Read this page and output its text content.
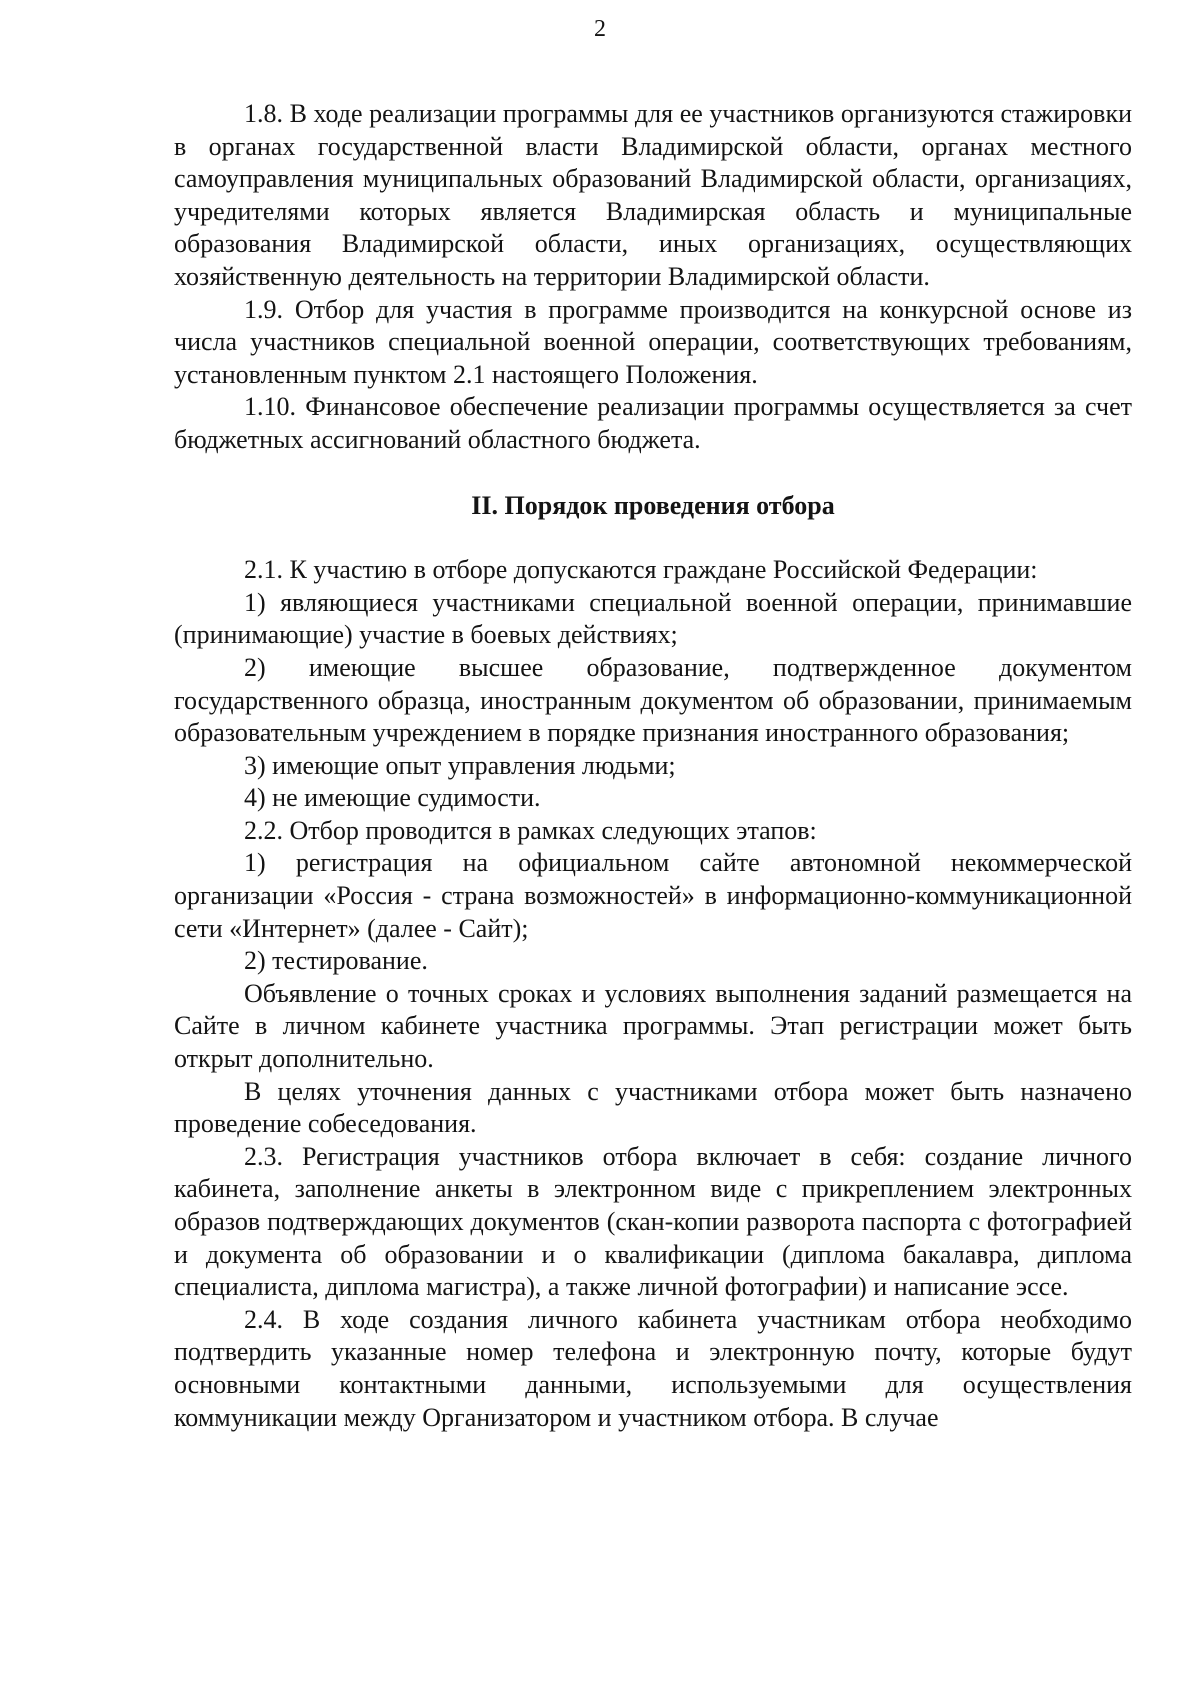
2

1.8. В ходе реализации программы для ее участников организуются стажировки в органах государственной власти Владимирской области, органах местного самоуправления муниципальных образований Владимирской области, организациях, учредителями которых является Владимирская область и муниципальные образования Владимирской области, иных организациях, осуществляющих хозяйственную деятельность на территории Владимирской области.

1.9. Отбор для участия в программе производится на конкурсной основе из числа участников специальной военной операции, соответствующих требованиям, установленным пунктом 2.1 настоящего Положения.

1.10. Финансовое обеспечение реализации программы осуществляется за счет бюджетных ассигнований областного бюджета.

II. Порядок проведения отбора

2.1. К участию в отборе допускаются граждане Российской Федерации:

1) являющиеся участниками специальной военной операции, принимавшие (принимающие) участие в боевых действиях;

2) имеющие высшее образование, подтвержденное документом государственного образца, иностранным документом об образовании, принимаемым образовательным учреждением в порядке признания иностранного образования;

3) имеющие опыт управления людьми;

4) не имеющие судимости.

2.2. Отбор проводится в рамках следующих этапов:

1) регистрация на официальном сайте автономной некоммерческой организации «Россия - страна возможностей» в информационно-коммуникационной сети «Интернет» (далее - Сайт);

2) тестирование.

Объявление о точных сроках и условиях выполнения заданий размещается на Сайте в личном кабинете участника программы. Этап регистрации может быть открыт дополнительно.

В целях уточнения данных с участниками отбора может быть назначено проведение собеседования.

2.3. Регистрация участников отбора включает в себя: создание личного кабинета, заполнение анкеты в электронном виде с прикреплением электронных образов подтверждающих документов (скан-копии разворота паспорта с фотографией и документа об образовании и о квалификации (диплома бакалавра, диплома специалиста, диплома магистра), а также личной фотографии) и написание эссе.

2.4. В ходе создания личного кабинета участникам отбора необходимо подтвердить указанные номер телефона и электронную почту, которые будут основными контактными данными, используемыми для осуществления коммуникации между Организатором и участником отбора. В случае
